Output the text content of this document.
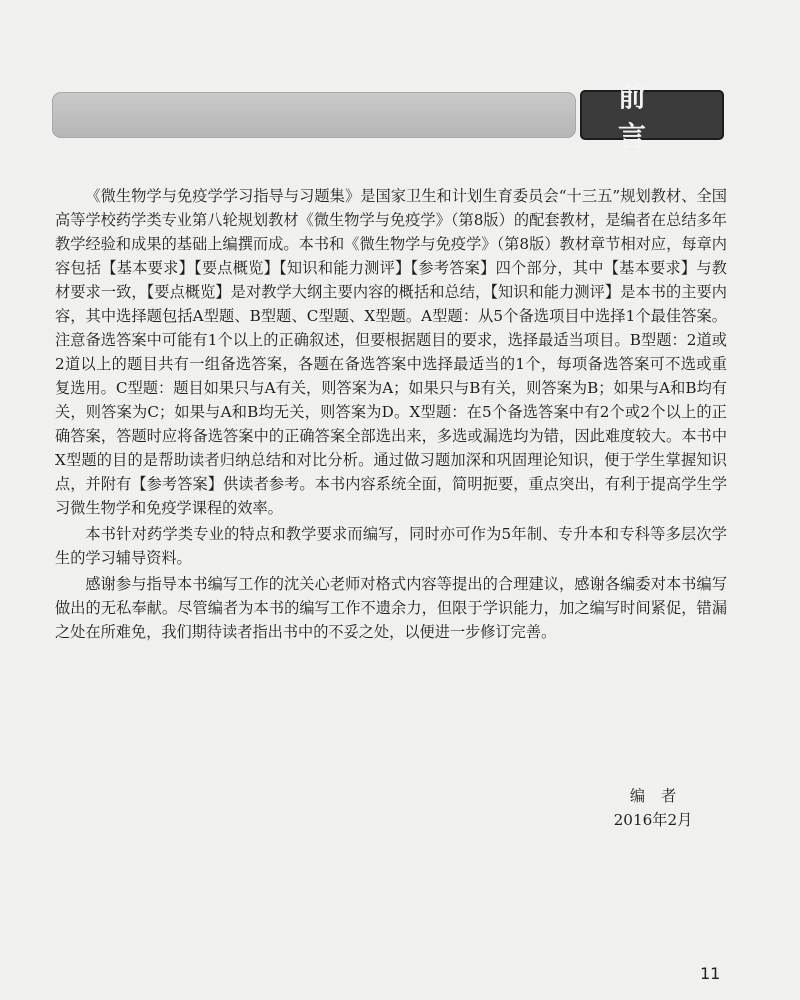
前 言

《微生物学与免疫学学习指导与习题集》是国家卫生和计划生育委员会“十三五”规划教材、全国高等学校药学类专业第八轮规划教材《微生物学与免疫学》（第8版）的配套教材，是编者在总结多年教学经验和成果的基础上编撰而成。本书和《微生物学与免疫学》（第8版）教材章节相对应，每章内容包括【基本要求】【要点概览】【知识和能力测评】【参考答案】四个部分，其中【基本要求】与教材要求一致，【要点概览】是对教学大纲主要内容的概括和总结，【知识和能力测评】是本书的主要内容，其中选择题包括A型题、B型题、C型题、X型题。A型题：从5个备选项目中选择1个最佳答案。注意备选答案中可能有1个以上的正确叙述，但要根据题目的要求，选择最适当项目。B型题：2道或2道以上的题目共有一组备选答案，各题在备选答案中选择最适当的1个，每项备选答案可不选或重复选用。C型题：题目如果只与A有关，则答案为A；如果只与B有关，则答案为B；如果与A和B均有关，则答案为C；如果与A和B均无关，则答案为D。X型题：在5个备选答案中有2个或2个以上的正确答案，答题时应将备选答案中的正确答案全部选出来，多选或漏选均为错，因此难度较大。本书中X型题的目的是帮助读者归纳总结和对比分析。通过做习题加深和巩固理论知识，便于学生掌握知识点，并附有【参考答案】供读者参考。本书内容系统全面，简明扼要，重点突出，有利于提高学生学习微生物学和免疫学课程的效率。

本书针对药学类专业的特点和教学要求而编写，同时亦可作为5年制、专升本和专科等多层次学生的学习辅导资料。

感谢参与指导本书编写工作的沈关心老师对格式内容等提出的合理建议，感谢各编委对本书编写做出的无私奉献。尽管编者为本书的编写工作不遗余力，但限于学识能力，加之编写时间紧促，错漏之处在所难免，我们期待读者指出书中的不妥之处，以便进一步修订完善。

编者
2016年2月
11
